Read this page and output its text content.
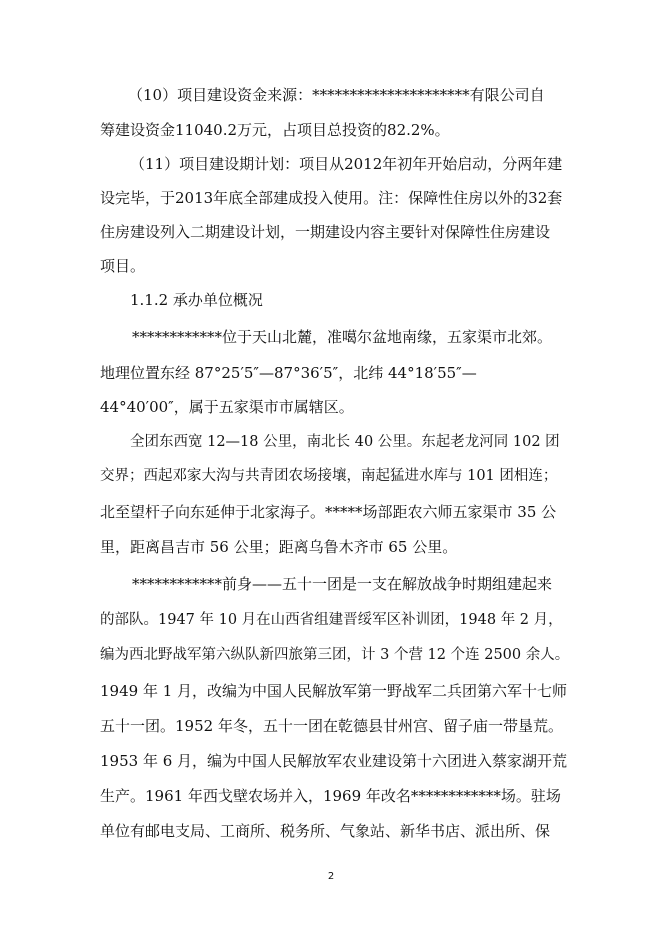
（10）项目建设资金来源：*********************有限公司自
筹建设资金11040.2万元，占项目总投资的82.2%。
（11）项目建设期计划：项目从2012年初年开始启动，分两年建
设完毕，于2013年底全部建成投入使用。注：保障性住房以外的32套
住房建设列入二期建设计划，一期建设内容主要针对保障性住房建设
项目。
1.1.2 承办单位概况
************位于天山北麓，准噶尔盆地南缘，五家渠市北郊。
地理位置东经 87°25′5″—87°36′5″，北纬 44°18′55″—
44°40′00″，属于五家渠市市属辖区。
全团东西宽 12—18 公里，南北长 40 公里。东起老龙河同 102 团
交界；西起邓家大沟与共青团农场接壤，南起猛进水库与 101 团相连；
北至望杆子向东延伸于北家海子。*****场部距农六师五家渠市 35 公
里，距离昌吉市 56 公里；距离乌鲁木齐市 65 公里。
************前身——五十一团是一支在解放战争时期组建起来
的部队。1947 年 10 月在山西省组建晋绥军区补训团，1948 年 2 月，
编为西北野战军第六纵队新四旅第三团，计 3 个营 12 个连 2500 余人。
1949 年 1 月，改编为中国人民解放军第一野战军二兵团第六军十七师
五十一团。1952 年冬，五十一团在乾德县甘州宫、留子庙一带垦荒。
1953 年 6 月，编为中国人民解放军农业建设第十六团进入蔡家湖开荒
生产。1961 年西戈壁农场并入，1969 年改名************场。驻场
单位有邮电支局、工商所、税务所、气象站、新华书店、派出所、保
2
